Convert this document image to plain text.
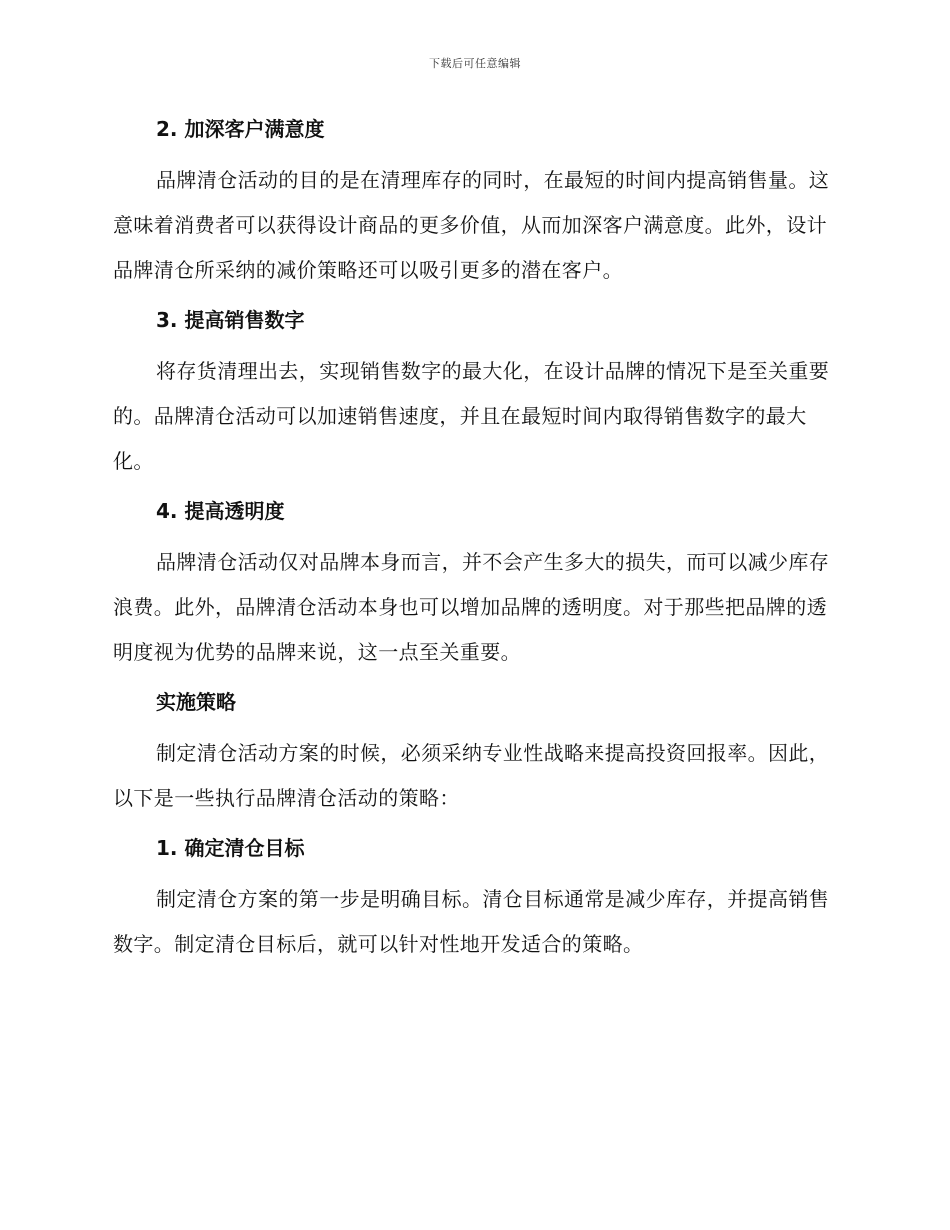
下载后可任意编辑
2. 加深客户满意度

品牌清仓活动的目的是在清理库存的同时，在最短的时间内提高销售量。这意味着消费者可以获得设计商品的更多价值，从而加深客户满意度。此外，设计品牌清仓所采纳的减价策略还可以吸引更多的潜在客户。

3. 提高销售数字

将存货清理出去，实现销售数字的最大化，在设计品牌的情况下是至关重要的。品牌清仓活动可以加速销售速度，并且在最短时间内取得销售数字的最大化。

4. 提高透明度

品牌清仓活动仅对品牌本身而言，并不会产生多大的损失，而可以减少库存浪费。此外，品牌清仓活动本身也可以增加品牌的透明度。对于那些把品牌的透明度视为优势的品牌来说，这一点至关重要。

实施策略

制定清仓活动方案的时候，必须采纳专业性战略来提高投资回报率。因此，以下是一些执行品牌清仓活动的策略：

1. 确定清仓目标

制定清仓方案的第一步是明确目标。清仓目标通常是减少库存，并提高销售数字。制定清仓目标后，就可以针对性地开发适合的策略。
